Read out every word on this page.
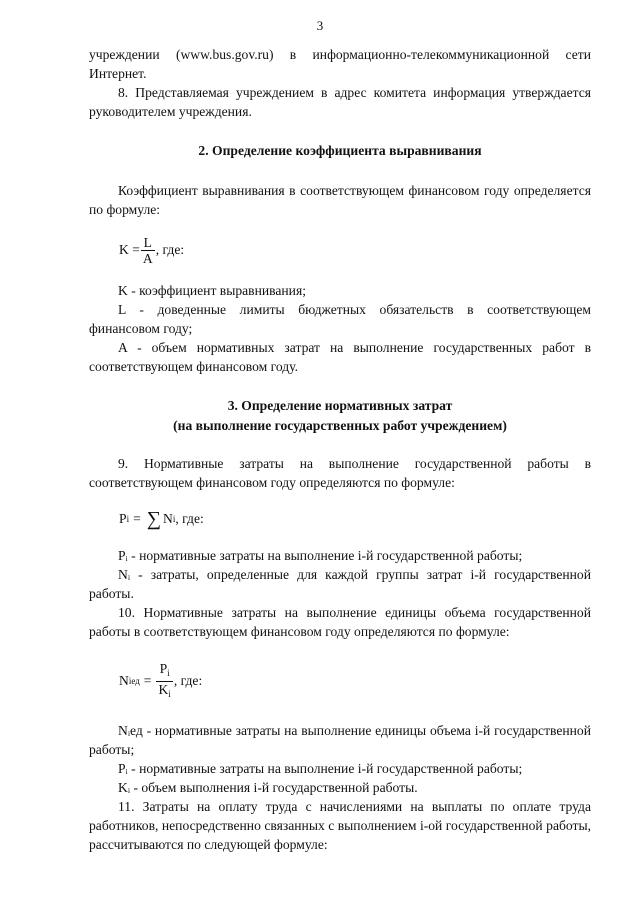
3

учреждении (www.bus.gov.ru) в информационно-телекоммуникационной сети Интернет.

8. Представляемая учреждением в адрес комитета информация утверждается руководителем учреждения.

2. Определение коэффициента выравнивания

Коэффициент выравнивания в соответствующем финансовом году определяется по формуле:

$K = \frac{L}{A}$ , где:

K - коэффициент выравнивания;

L - доведенные лимиты бюджетных обязательств в соответствующем финансовом году;

A - объем нормативных затрат на выполнение государственных работ в соответствующем финансовом году.

3. Определение нормативных затрат

(на выполнение государственных работ учреждением)

9. Нормативные затраты на выполнение государственной работы в соответствующем финансовом году определяются по формуле:

P i = ∑ N i , где:

Pᵢ - нормативные затраты на выполнение i-й государственной работы;

Nᵢ - затраты, определенные для каждой группы затрат i-й государственной работы.

10. Нормативные затраты на выполнение единицы объема государственной работы в соответствующем финансовом году определяются по формуле:

N iед = $\frac{P_i}{K_i}$ , где:

Nᵢед - нормативные затраты на выполнение единицы объема i-й государственной работы;

Pᵢ - нормативные затраты на выполнение i-й государственной работы;

Kᵢ - объем выполнения i-й государственной работы.

11. Затраты на оплату труда с начислениями на выплаты по оплате труда работников, непосредственно связанных с выполнением i-ой государственной работы, рассчитываются по следующей формуле:
